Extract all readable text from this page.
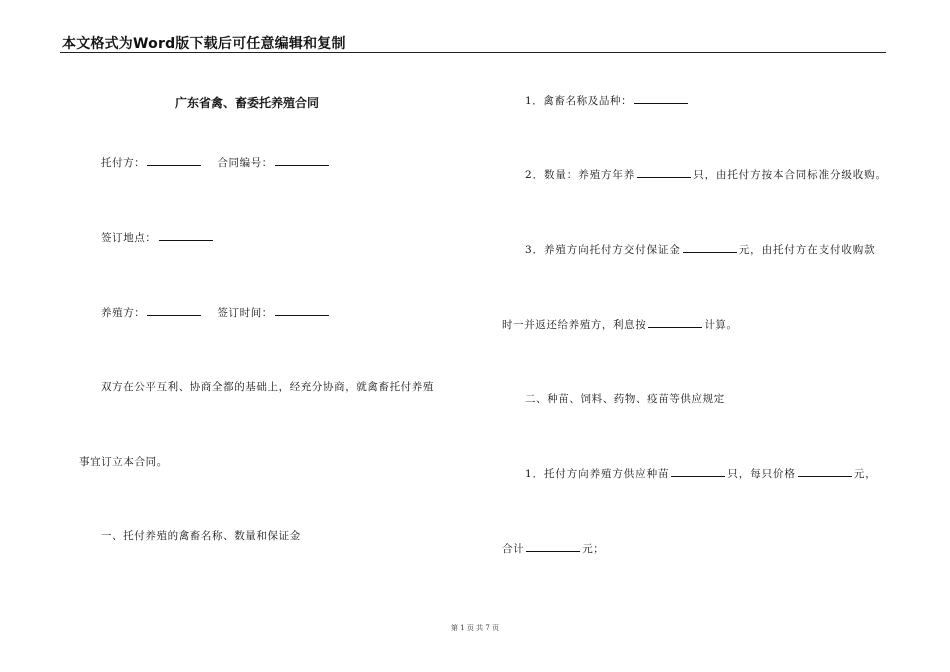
本文格式为Word版下载后可任意编辑和复制
广东省禽、畜委托养殖合同
托付方：	合同编号：
签订地点：
养殖方：	签订时间：
双方在公平互利、协商全都的基础上，经充分协商，就禽畜托付养殖
事宜订立本合同。
一、托付养殖的禽畜名称、数量和保证金
1．禽畜名称及品种：
2．数量：养殖方年养	只，由托付方按本合同标准分级收购。
3．养殖方向托付方交付保证金	元，由托付方在支付收购款
时一并返还给养殖方，利息按	计算。
二、种苗、饲料、药物、疫苗等供应规定
1．托付方向养殖方供应种苗	只，每只价格	元，
合计	元；
第 1 页 共 7 页
